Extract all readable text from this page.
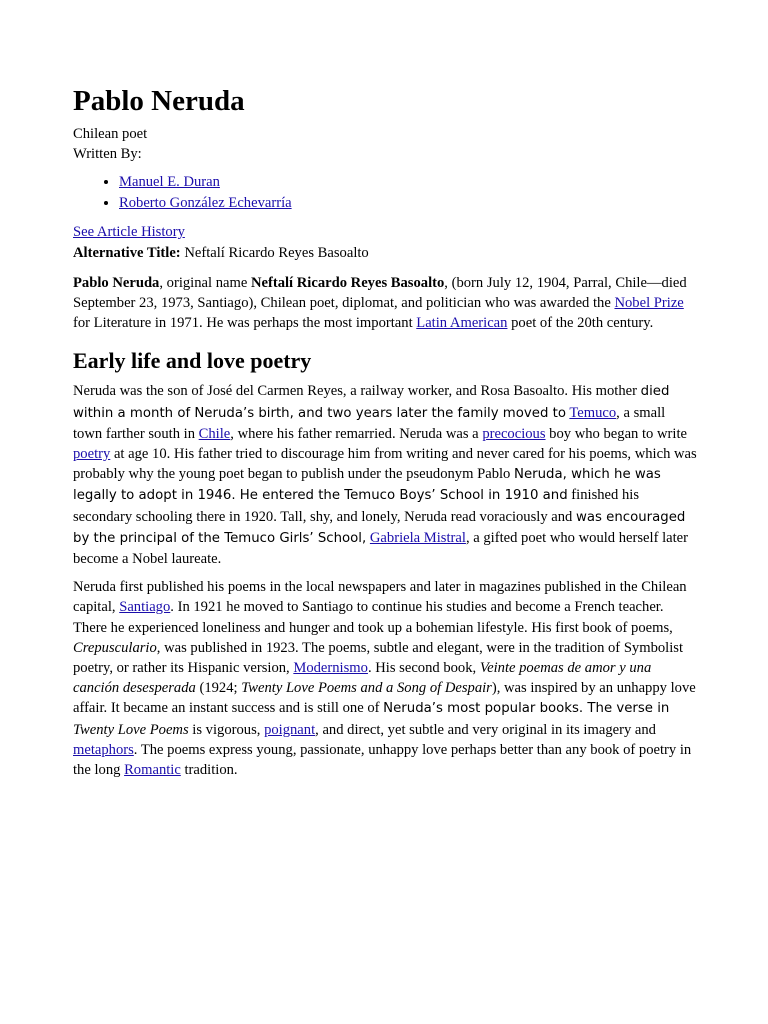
Pablo Neruda
Chilean poet
Written By:
• Manuel E. Duran
• Roberto González Echevarría
See Article History
Alternative Title: Neftalí Ricardo Reyes Basoalto

Pablo Neruda, original name Neftalí Ricardo Reyes Basoalto, (born July 12, 1904, Parral, Chile—died September 23, 1973, Santiago), Chilean poet, diplomat, and politician who was awarded the Nobel Prize for Literature in 1971. He was perhaps the most important Latin American poet of the 20th century.

Early life and love poetry

Neruda was the son of José del Carmen Reyes, a railway worker, and Rosa Basoalto. His mother died within a month of Neruda’s birth, and two years later the family moved to Temuco, a small town farther south in Chile, where his father remarried. Neruda was a precocious boy who began to write poetry at age 10. His father tried to discourage him from writing and never cared for his poems, which was probably why the young poet began to publish under the pseudonym Pablo Neruda, which he was legally to adopt in 1946. He entered the Temuco Boys’ School in 1910 and finished his secondary schooling there in 1920. Tall, shy, and lonely, Neruda read voraciously and was encouraged by the principal of the Temuco Girls’ School, Gabriela Mistral, a gifted poet who would herself later become a Nobel laureate.

Neruda first published his poems in the local newspapers and later in magazines published in the Chilean capital, Santiago. In 1921 he moved to Santiago to continue his studies and become a French teacher. There he experienced loneliness and hunger and took up a bohemian lifestyle. His first book of poems, Crepusculario, was published in 1923. The poems, subtle and elegant, were in the tradition of Symbolist poetry, or rather its Hispanic version, Modernismo. His second book, Veinte poemas de amor y una canción desesperada (1924; Twenty Love Poems and a Song of Despair), was inspired by an unhappy love affair. It became an instant success and is still one of Neruda’s most popular books. The verse in Twenty Love Poems is vigorous, poignant, and direct, yet subtle and very original in its imagery and metaphors. The poems express young, passionate, unhappy love perhaps better than any book of poetry in the long Romantic tradition.
